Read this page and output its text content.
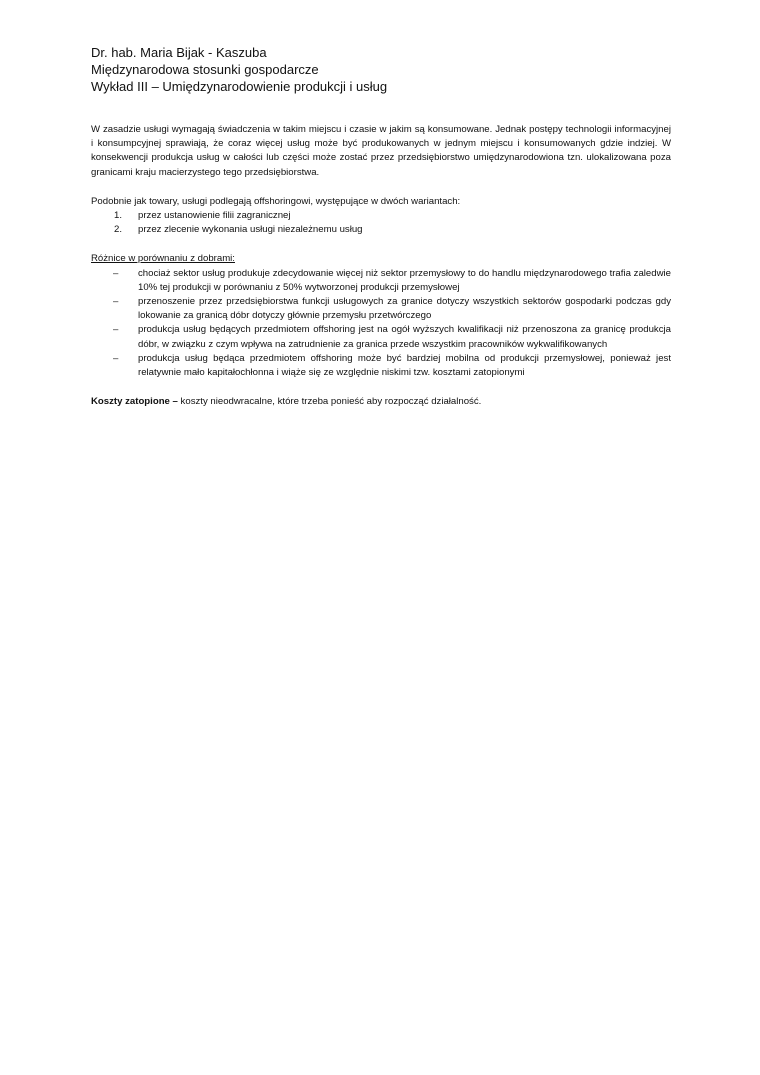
Dr. hab. Maria Bijak - Kaszuba

Międzynarodowa stosunki gospodarcze

Wykład III – Umiędzynarodowienie produkcji i usług

W zasadzie usługi wymagają świadczenia w takim miejscu i czasie w jakim są konsumowane. Jednak postępy technologii informacyjnej i konsumpcyjnej sprawiają, że coraz więcej usług może być produkowanych w jednym miejscu i konsumowanych gdzie indziej. W konsekwencji produkcja usług w całości lub części może zostać przez przedsiębiorstwo umiędzynarodowiona tzn. ulokalizowana poza granicami kraju macierzystego tego przedsiębiorstwa.

Podobnie jak towary, usługi podlegają offshoringowi, występujące w dwóch wariantach:

1. przez ustanowienie filii zagranicznej
2. przez zlecenie wykonania usługi niezależnemu usług

Różnice w porównaniu z dobrami:

– chociaż sektor usług produkuje zdecydowanie więcej niż sektor przemysłowy to do handlu międzynarodowego trafia zaledwie 10% tej produkcji w porównaniu z 50% wytworzonej produkcji przemysłowej
– przenoszenie przez przedsiębiorstwa funkcji usługowych za granice dotyczy wszystkich sektorów gospodarki podczas gdy lokowanie za granicą dóbr dotyczy głównie przemysłu przetwórczego
– produkcja usług będących przedmiotem offshoring jest na ogół wyższych kwalifikacji niż przenoszona za granicę produkcja dóbr, w związku z czym wpływa na zatrudnienie za granica przede wszystkim pracowników wykwalifikowanych
– produkcja usług będąca przedmiotem offshoring może być bardziej mobilna od produkcji przemysłowej, ponieważ jest relatywnie mało kapitałochłonna i wiąże się ze względnie niskimi tzw. kosztami zatopionymi

Koszty zatopione – koszty nieodwracalne, które trzeba ponieść aby rozpocząć działalność.
